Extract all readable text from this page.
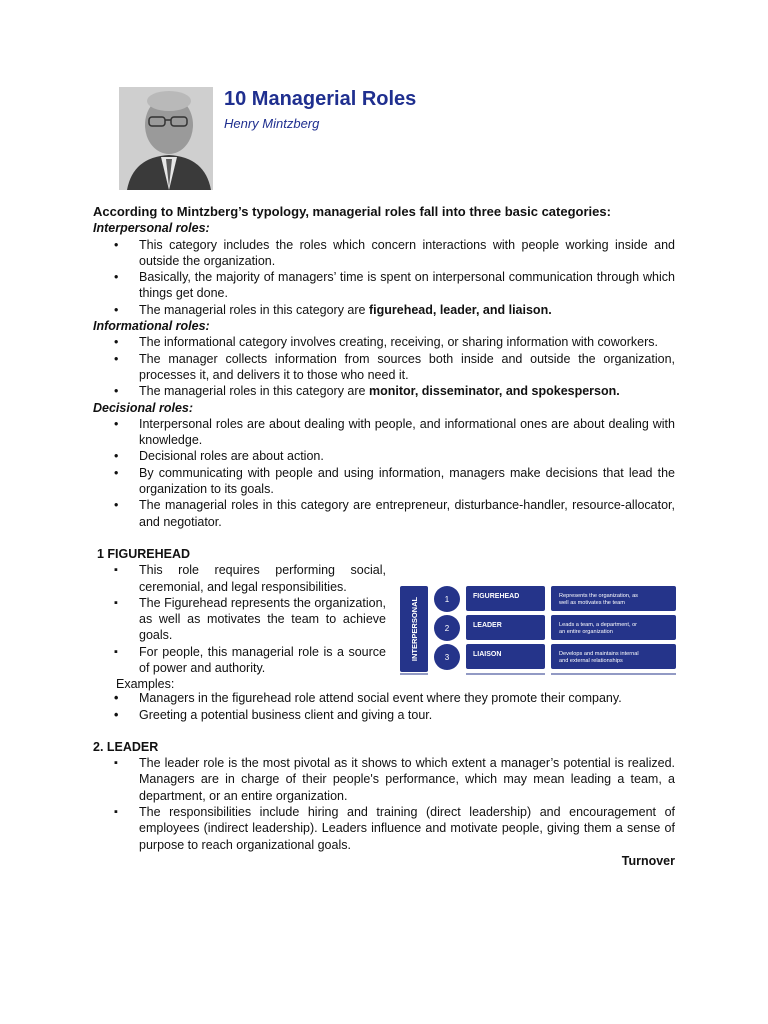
10 Managerial Roles
Henry Mintzberg

According to Mintzberg’s typology, managerial roles fall into three basic categories:

Interpersonal roles:

• This category includes the roles which concern interactions with people working inside and outside the organization.
• Basically, the majority of managers’ time is spent on interpersonal communication through which things get done.
• The managerial roles in this category are figurehead, leader, and liaison.

Informational roles:

• The informational category involves creating, receiving, or sharing information with coworkers.
• The manager collects information from sources both inside and outside the organization, processes it, and delivers it to those who need it.
• The managerial roles in this category are monitor, disseminator, and spokesperson.

Decisional roles:

• Interpersonal roles are about dealing with people, and informational ones are about dealing with knowledge.
• Decisional roles are about action.
• By communicating with people and using information, managers make decisions that lead the organization to its goals.
• The managerial roles in this category are entrepreneur, disturbance-handler, resource-allocator, and negotiator.

1 FIGUREHEAD

▪ This role requires performing social, ceremonial, and legal responsibilities.
▪ The Figurehead represents the organization, as well as motivates the team to achieve goals.
▪ For people, this managerial role is a source of power and authority.

Examples:

• Managers in the figurehead role attend social event where they promote their company.
• Greeting a potential business client and giving a tour.

2. LEADER

▪ The leader role is the most pivotal as it shows to which extent a manager’s potential is realized. Managers are in charge of their people's performance, which may mean leading a team, a department, or an entire organization.
▪ The responsibilities include hiring and training (direct leadership) and encouragement of employees (indirect leadership). Leaders influence and motivate people, giving them a sense of purpose to reach organizational goals.

Turnover

INTERPERSONAL	1	FIGUREHEAD	Represents the organization, as
well as motivates the team
2	LEADER	Leads a team, a department, or
an entire organization
3	LIAISON	Develops and maintains internal
and external relationships
